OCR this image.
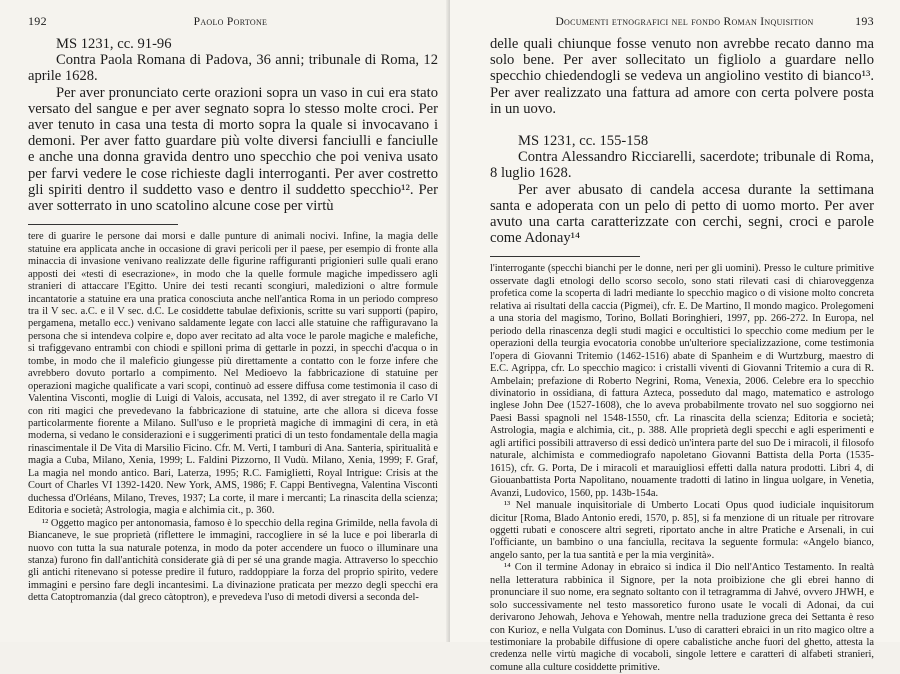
192	Paolo Portone

MS 1231, cc. 91-96

Contra Paola Romana di Padova, 36 anni; tribunale di Roma, 12 aprile 1628.

Per aver pronunciato certe orazioni sopra un vaso in cui era stato versato del sangue e per aver segnato sopra lo stesso molte croci. Per aver tenuto in casa una testa di morto sopra la quale si invocavano i demoni. Per aver fatto guardare più volte diversi fanciulli e fanciulle e anche una donna gravida dentro uno specchio che poi veniva usato per farvi vedere le cose richieste dagli interroganti. Per aver costretto gli spiriti dentro il suddetto vaso e dentro il suddetto specchio¹². Per aver sotterrato in uno scatolino alcune cose per virtù

tere di guarire le persone dai morsi e dalle punture di animali nocivi. Infine, la magia delle statuine era applicata anche in occasione di gravi pericoli per il paese, per esempio di fronte alla minaccia di invasione venivano realizzate delle figurine raffiguranti prigionieri sulle quali erano apposti dei «testi di esecrazione», in modo che la quelle formule magiche impedissero agli stranieri di attaccare l'Egitto. Unire dei testi recanti scongiuri, maledizioni o altre formule incantatorie a statuine era una pratica conosciuta anche nell'antica Roma in un periodo compreso tra il V sec. a.C. e il V sec. d.C. Le cosiddette tabulae defixionis, scritte su vari supporti (papiro, pergamena, metallo ecc.) venivano saldamente legate con lacci alle statuine che raffiguravano la persona che si intendeva colpire e, dopo aver recitato ad alta voce le parole magiche e malefiche, si trafiggevano entrambi con chiodi e spilloni prima di gettarle in pozzi, in specchi d'acqua o in tombe, in modo che il maleficio giungesse più direttamente a contatto con le forze infere che avrebbero dovuto portarlo a compimento. Nel Medioevo la fabbricazione di statuine per operazioni magiche qualificate a vari scopi, continuò ad essere diffusa come testimonia il caso di Valentina Visconti, moglie di Luigi di Valois, accusata, nel 1392, di aver stregato il re Carlo VI con riti magici che prevedevano la fabbricazione di statuine, arte che allora si diceva fosse particolarmente fiorente a Milano. Sull'uso e le proprietà magiche di immagini di cera, in età moderna, si vedano le considerazioni e i suggerimenti pratici di un testo fondamentale della magia rinascimentale il De Vita di Marsilio Ficino. Cfr. M. Verti, I tamburi di Ana. Santeria, spiritualità e magia a Cuba, Milano, Xenia, 1999; L. Faldini Pizzorno, Il Vudù. Milano, Xenia, 1999; F. Graf, La magia nel mondo antico. Bari, Laterza, 1995; R.C. Famiglietti, Royal Intrigue: Crisis at the Court of Charles VI 1392-1420. New York, AMS, 1986; F. Cappi Bentivegna, Valentina Visconti duchessa d'Orléans, Milano, Treves, 1937; La corte, il mare i mercanti; La rinascita della scienza; Editoria e società; Astrologia, magia e alchimia cit., p. 360.

¹² Oggetto magico per antonomasia, famoso è lo specchio della regina Grimilde, nella favola di Biancaneve, le sue proprietà (riflettere le immagini, raccogliere in sé la luce e poi liberarla di nuovo con tutta la sua naturale potenza, in modo da poter accendere un fuoco o illuminare una stanza) furono fin dall'antichità considerate già di per sé una grande magia. Attraverso lo specchio gli antichi ritenevano si potesse predire il futuro, raddoppiare la forza del proprio spirito, vedere immagini e persino fare degli incantesimi. La divinazione praticata per mezzo degli specchi era detta Catoptromanzia (dal greco càtoptron), e prevedeva l'uso di metodi diversi a seconda del-

Documenti etnografici nel fondo Roman Inquisition	193

delle quali chiunque fosse venuto non avrebbe recato danno ma solo bene. Per aver sollecitato un figliolo a guardare nello specchio chiedendogli se vedeva un angiolino vestito di bianco¹³. Per aver realizzato una fattura ad amore con certa polvere posta in un uovo.

MS 1231, cc. 155-158

Contra Alessandro Ricciarelli, sacerdote; tribunale di Roma, 8 luglio 1628.

Per aver abusato di candela accesa durante la settimana santa e adoperata con un pelo di petto di uomo morto. Per aver avuto una carta caratterizzate con cerchi, segni, croci e parole come Adonay¹⁴

l'interrogante (specchi bianchi per le donne, neri per gli uomini). Presso le culture primitive osservate dagli etnologi dello scorso secolo, sono stati rilevati casi di chiaroveggenza profetica come la scoperta di ladri mediante lo specchio magico o di visione molto concreta relativa ai risultati della caccia (Pigmei), cfr. E. De Martino, Il mondo magico. Prolegomeni a una storia del magismo, Torino, Bollati Boringhieri, 1997, pp. 266-272. In Europa, nel periodo della rinascenza degli studi magici e occultistici lo specchio come medium per le operazioni della teurgia evocatoria conobbe un'ulteriore specializzazione, come testimonia l'opera di Giovanni Tritemio (1462-1516) abate di Spanheim e di Wurtzburg, maestro di E.C. Agrippa, cfr. Lo specchio magico: i cristalli viventi di Giovanni Tritemio a cura di R. Ambelain; prefazione di Roberto Negrini, Roma, Venexia, 2006. Celebre era lo specchio divinatorio in ossidiana, di fattura Azteca, posseduto dal mago, matematico e astrologo inglese John Dee (1527-1608), che lo aveva probabilmente trovato nel suo soggiorno nei Paesi Bassi spagnoli nel 1548-1550, cfr. La rinascita della scienza; Editoria e società; Astrologia, magia e alchimia, cit., p. 388. Alle proprietà degli specchi e agli esperimenti e agli artifici possibili attraverso di essi dedicò un'intera parte del suo De i miracoli, il filosofo naturale, alchimista e commediografo napoletano Giovanni Battista della Porta (1535-1615), cfr. G. Porta, De i miracoli et marauigliosi effetti dalla natura prodotti. Libri 4, di Giouanbattista Porta Napolitano, nouamente tradotti di latino in lingua uolgare, in Venetia, Avanzi, Ludovico, 1560, pp. 143b-154a.

¹³ Nel manuale inquisitoriale di Umberto Locati Opus quod iudiciale inquisitorum dicitur [Roma, Blado Antonio eredi, 1570, p. 85], si fa menzione di un rituale per ritrovare oggetti rubati e conoscere altri segreti, riportato anche in altre Pratiche e Arsenali, in cui l'officiante, un bambino o una fanciulla, recitava la seguente formula: «Angelo bianco, angelo santo, per la tua santità e per la mia verginità».

¹⁴ Con il termine Adonay in ebraico si indica il Dio nell'Antico Testamento. In realtà nella letteratura rabbinica il Signore, per la nota proibizione che gli ebrei hanno di pronunciare il suo nome, era segnato soltanto con il tetragramma di Jahvé, ovvero JHWH, e solo successivamente nel testo massoretico furono usate le vocali di Adonai, da cui derivarono Jehowah, Jehova e Yehowah, mentre nella traduzione greca dei Settanta è reso con Kurioz, e nella Vulgata con Dominus. L'uso di caratteri ebraici in un rito magico oltre a testimoniare la probabile diffusione di opere cabalistiche anche fuori del ghetto, attesta la credenza nelle virtù magiche di vocaboli, singole lettere e caratteri di alfabeti stranieri, comune alla culture cosiddette primitive.
